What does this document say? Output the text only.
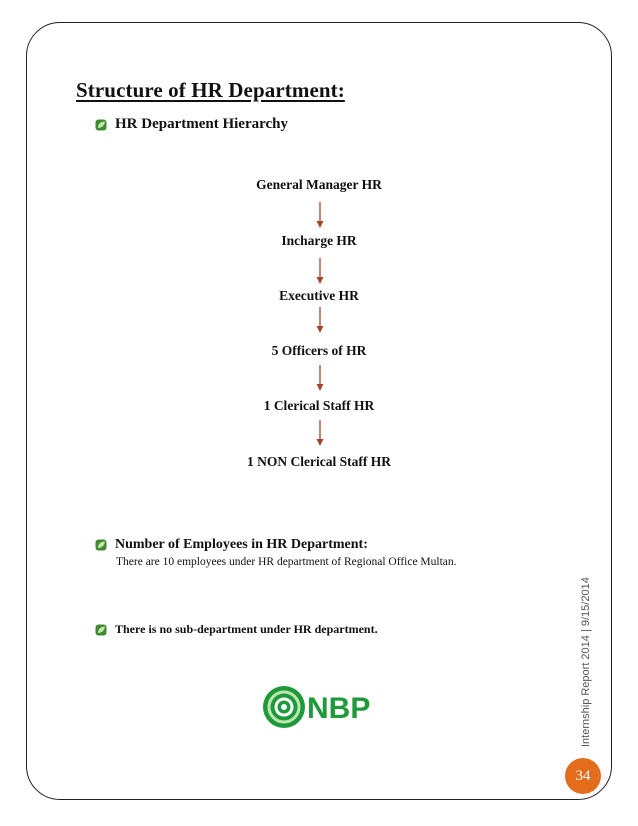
Structure of HR Department:
HR Department Hierarchy
General Manager HR
Incharge HR
Executive HR
5 Officers of HR
1 Clerical Staff HR
1 NON Clerical Staff HR
Number of Employees in HR Department:
There are 10 employees under HR department of Regional Office Multan.
There is no sub-department under HR department.
NBP	Internship Report 2014 | 9/15/2014
34
